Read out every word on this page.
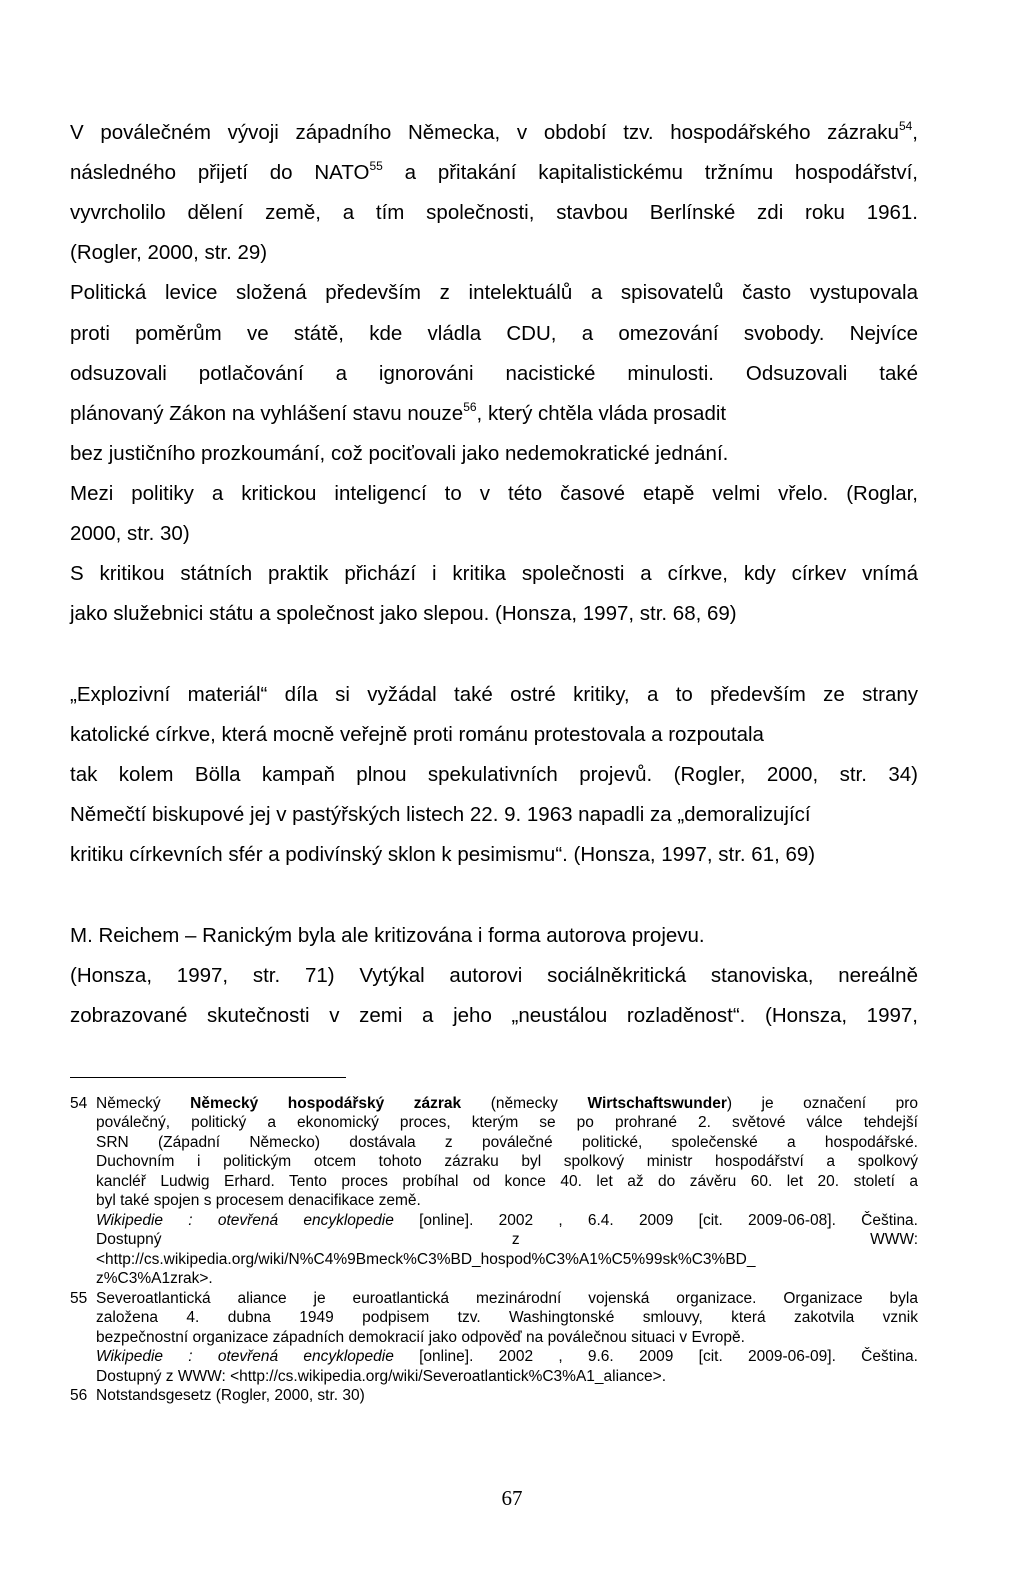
V poválečném vývoji západního Německa, v období tzv. hospodářského zázraku$^{54}$,
následného přijetí do NATO$^{55}$ a přitakání kapitalistickému tržnímu hospodářství,
vyvrcholilo dělení země, a tím společnosti, stavbou Berlínské zdi roku 1961.
(Rogler, 2000, str. 29)
Politická levice složená především z intelektuálů a spisovatelů často vystupovala
proti poměrům ve státě, kde vládla CDU, a omezování svobody. Nejvíce
odsuzovali potlačování a ignorováni nacistické minulosti. Odsuzovali také
plánovaný Zákon na vyhlášení stavu nouze$^{56}$, který chtěla vláda prosadit
bez justičního prozkoumání, což pociťovali jako nedemokratické jednání.
Mezi politiky a kritickou inteligencí to v této časové etapě velmi vřelo. (Roglar,
2000, str. 30)
S kritikou státních praktik přichází i kritika společnosti a církve, kdy církev vnímá
jako služebnici státu a společnost jako slepou. (Honsza, 1997, str. 68, 69)
„Explozivní materiál“ díla si vyžádal také ostré kritiky, a to především ze strany
katolické církve, která mocně veřejně proti románu protestovala a rozpoutala
tak kolem Bölla kampaň plnou spekulativních projevů. (Rogler, 2000, str. 34)
Němečtí biskupové jej v pastýřských listech 22. 9. 1963 napadli za „demoralizující
kritiku církevních sfér a podivínský sklon k pesimismu“. (Honsza, 1997, str. 61, 69)
M. Reichem – Ranickým byla ale kritizována i forma autorova projevu.
(Honsza, 1997, str. 71) Vytýkal autorovi sociálněkritická stanoviska, nereálně
zobrazované skutečnosti v zemi a jeho „neustálou rozladěnost“. (Honsza, 1997,
54 Německý Německý hospodářský zázrak (německy Wirtschaftswunder) je označení pro
poválečný, politický a ekonomický proces, kterým se po prohrané 2. světové válce tehdejší
SRN (Západní Německo) dostávala z poválečné politické, společenské a hospodářské.
Duchovním i politickým otcem tohoto zázraku byl spolkový ministr hospodářství a spolkový
kancléř Ludwig Erhard. Tento proces probíhal od konce 40. let až do závěru 60. let 20. století a
byl také spojen s procesem denacifikace země.
Wikipedie : otevřená encyklopedie [online]. 2002 , 6.4. 2009 [cit. 2009-06-08]. Čeština.
Dostupný z WWW:
<http://cs.wikipedia.org/wiki/N%C4%9Bmeck%C3%BD_hospod%C3%A1%C5%99sk%C3%BD_
z%C3%A1zrak>.
55 Severoatlantická aliance je euroatlantická mezinárodní vojenská organizace. Organizace byla
založena 4. dubna 1949 podpisem tzv. Washingtonské smlouvy, která zakotvila vznik
bezpečnostní organizace západních demokracií jako odpověď na poválečnou situaci v Evropě.
Wikipedie : otevřená encyklopedie [online]. 2002 , 9.6. 2009 [cit. 2009-06-09]. Čeština.
Dostupný z WWW: <http://cs.wikipedia.org/wiki/Severoatlantick%C3%A1_aliance>.
56 Notstandsgesetz (Rogler, 2000, str. 30)
67
